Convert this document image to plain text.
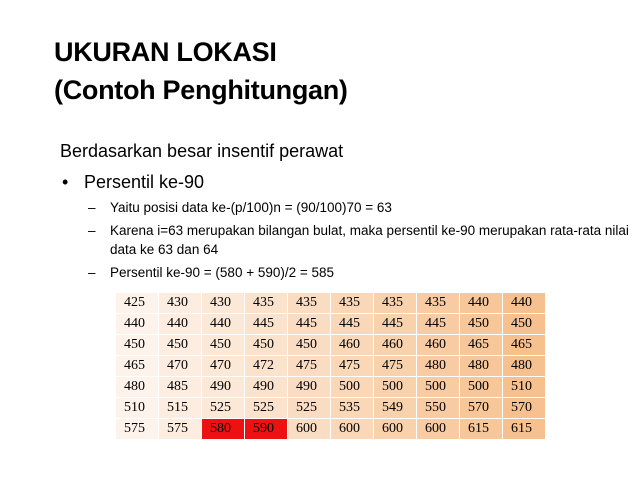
UKURAN LOKASI
(Contoh Penghitungan)

Berdasarkan besar insentif perawat

• Persentil ke-90
– Yaitu posisi data ke-(p/100)n = (90/100)70 = 63
– Karena i=63 merupakan bilangan bulat, maka persentil ke-90 merupakan rata-rata nilai data ke 63 dan 64
– Persentil ke-90 = (580 + 590)/2 = 585
425	430	430	435	435	435	435	435	440	440
440	440	440	445	445	445	445	445	450	450
450	450	450	450	450	460	460	460	465	465
465	470	470	472	475	475	475	480	480	480
480	485	490	490	490	500	500	500	500	510
510	515	525	525	525	535	549	550	570	570
575	575	580	590	600	600	600	600	615	615
